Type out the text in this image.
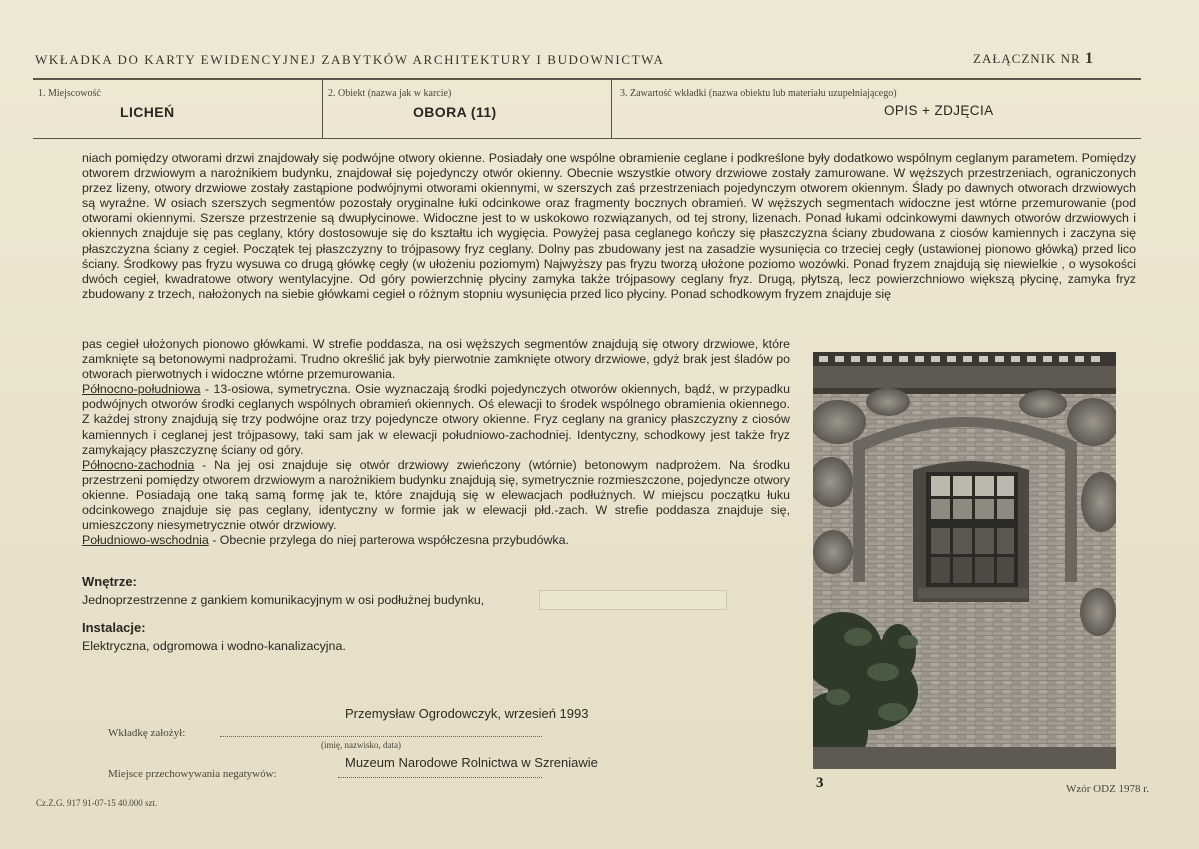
WKŁADKA DO KARTY EWIDENCYJNEJ ZABYTKÓW ARCHITEKTURY I BUDOWNICTWA	ZAŁĄCZNIK NR 1
1. Miejscowość
LICHEŃ
2. Obiekt (nazwa jak w karcie)
OBORA (11)
3. Zawartość wkładki (nazwa obiektu lub materiału uzupełniającego)
OPIS + ZDJĘCIA

niach pomiędzy otworami drzwi znajdowały się podwójne otwory okienne. Posiadały one wspólne obramienie ceglane i podkreślone były dodatkowo wspólnym ceglanym parametem. Pomiędzy otworem drzwiowym a narożnikiem budynku, znajdował się pojedynczy otwór okienny. Obecnie wszystkie otwory drzwiowe zostały zamurowane. W węższych przestrzeniach, ograniczonych przez lizeny, otwory drzwiowe zostały zastąpione podwójnymi otworami okiennymi, w szerszych zaś przestrzeniach pojedynczym otworem okiennym. Ślady po dawnych otworach drzwiowych są wyraźne. W osiach szerszych segmentów pozostały oryginalne łuki odcinkowe oraz fragmenty bocznych obramień. W węższych segmentach widoczne jest wtórne przemurowanie (pod otworami okiennymi. Szersze przestrzenie są dwupłycinowe. Widoczne jest to w uskokowo rozwiązanych, od tej strony, lizenach. Ponad łukami odcinkowymi dawnych otworów drzwiowych i okiennych znajduje się pas ceglany, który dostosowuje się do kształtu ich wygięcia. Powyżej pasa ceglanego kończy się płaszczyzna ściany zbudowana z ciosów kamiennych i zaczyna się płaszczyzna ściany z cegieł. Początek tej płaszczyzny to trójpasowy fryz ceglany. Dolny pas zbudowany jest na zasadzie wysunięcia co trzeciej cegły (ustawionej pionowo główką) przed lico ściany. Środkowy pas fryzu wysuwa co drugą główkę cegły (w ułożeniu poziomym) Najwyższy pas fryzu tworzą ułożone poziomo wozówki. Ponad fryzem znajdują się niewielkie , o wysokości dwóch cegieł, kwadratowe otwory wentylacyjne. Od góry powierzchnię płyciny zamyka także trójpasowy ceglany fryz. Drugą, płytszą, lecz powierzchniowo większą płycinę, zamyka fryz zbudowany z trzech, nałożonych na siebie główkami cegieł o różnym stopniu wysunięcia przed lico płyciny. Ponad schodkowym fryzem znajduje się

pas cegieł ułożonych pionowo główkami. W strefie poddasza, na osi węższych segmentów znajdują się otwory drzwiowe, które zamknięte są betonowymi nadprożami. Trudno określić jak były pierwotnie zamknięte otwory drzwiowe, gdyż brak jest śladów po otworach pierwotnych i widoczne wtórne przemurowania.

Północno-południowa - 13-osiowa, symetryczna. Osie wyznaczają środki pojedynczych otworów okiennych, bądź, w przypadku podwójnych otworów środki ceglanych wspólnych obramień okiennych. Oś elewacji to środek wspólnego obramienia okiennego. Z każdej strony znajdują się trzy podwójne oraz trzy pojedyncze otwory okienne. Fryz ceglany na granicy płaszczyzny z ciosów kamiennych i ceglanej jest trójpasowy, taki sam jak w elewacji południowo-zachodniej. Identyczny, schodkowy jest także fryz zamykający płaszczyznę ściany od góry.

Północno-zachodnia - Na jej osi znajduje się otwór drzwiowy zwieńczony (wtórnie) betonowym nadprożem. Na środku przestrzeni pomiędzy otworem drzwiowym a narożnikiem budynku znajdują się, symetrycznie rozmieszczone, pojedyncze otwory okienne. Posiadają one taką samą formę jak te, które znajdują się w elewacjach podłużnych. W miejscu początku łuku odcinkowego znajduje się pas ceglany, identyczny w formie jak w elewacji płd.-zach. W strefie poddasza znajduje się, umieszczony niesymetrycznie otwór drzwiowy.

Południowo-wschodnia - Obecnie przylega do niej parterowa współczesna przybudówka.

Wnętrze:
Jednoprzestrzenne z gankiem komunikacyjnym w osi podłużnej budynku,
Instalacje:
Elektryczna, odgromowa i wodno-kanalizacyjna.
Przemysław Ogrodowczyk, wrzesień 1993
Wkładkę założył:
(imię, nazwisko, data)
Muzeum Narodowe Rolnictwa w Szreniawie
Miejsce przechowywania negatywów:
Cz.Z.G. 917 91-07-15 40.000 szt.
3	Wzór ODZ 1978 r.
